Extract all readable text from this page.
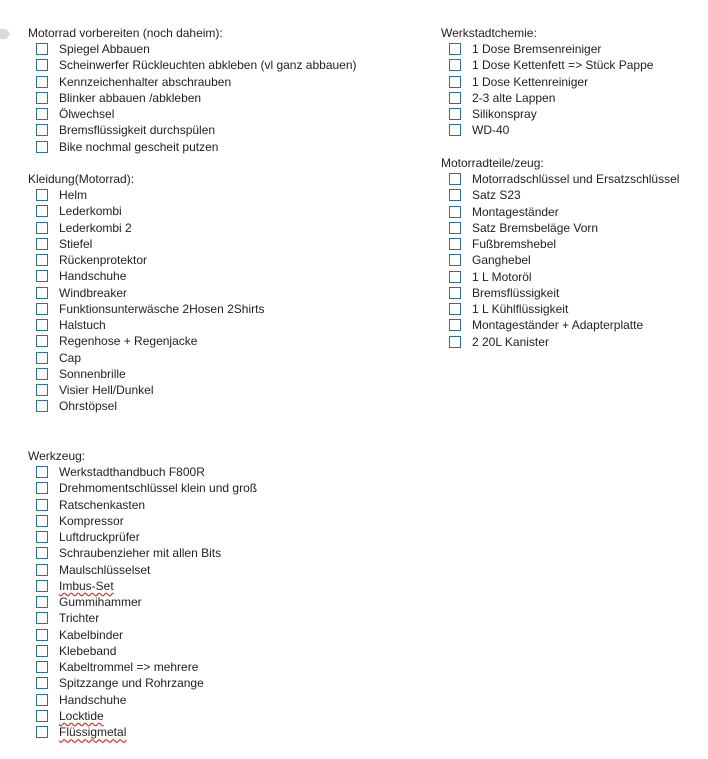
Motorrad vorbereiten (noch daheim):
Spiegel Abbauen
Scheinwerfer Rückleuchten abkleben (vl ganz abbauen)
Kennzeichenhalter abschrauben
Blinker abbauen /abkleben
Ölwechsel
Bremsflüssigkeit durchspülen
Bike nochmal gescheit putzen
Kleidung(Motorrad):
Helm
Lederkombi
Lederkombi 2
Stiefel
Rückenprotektor
Handschuhe
Windbreaker
Funktionsunterwäsche 2Hosen 2Shirts
Halstuch
Regenhose + Regenjacke
Cap
Sonnenbrille
Visier Hell/Dunkel
Ohrstöpsel
Werkzeug:
Werkstadthandbuch F800R
Drehmomentschlüssel klein und groß
Ratschenkasten
Kompressor
Luftdruckprüfer
Schraubenzieher mit allen Bits
Maulschlüsselset
Imbus-Set
Gummihammer
Trichter
Kabelbinder
Klebeband
Kabeltrommel => mehrere
Spitzzange und Rohrzange
Handschuhe
Locktide
Flüssigmetal
Werkstadtchemie:
1 Dose Bremsenreiniger
1 Dose Kettenfett => Stück Pappe
1 Dose Kettenreiniger
2-3 alte Lappen
Silikonspray
WD-40
Motorradteile/zeug:
Motorradschlüssel und Ersatzschlüssel
Satz S23
Montageständer
Satz Bremsbeläge Vorn
Fußbremshebel
Ganghebel
1 L Motoröl
Bremsflüssigkeit
1 L Kühlflüssigkeit
Montageständer + Adapterplatte
2 20L Kanister
